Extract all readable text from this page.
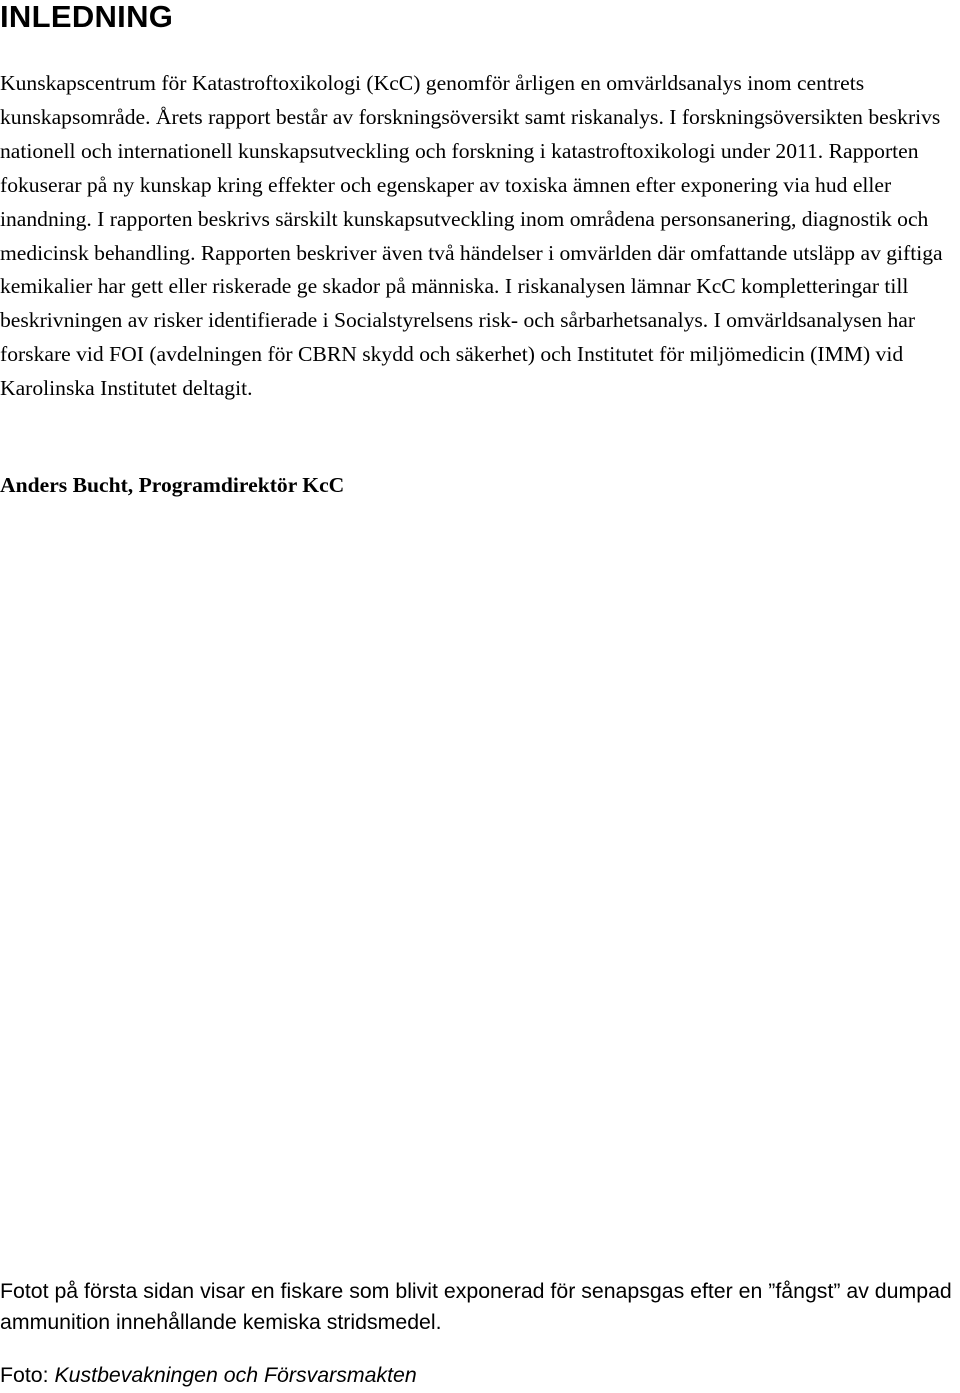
INLEDNING

Kunskapscentrum för Katastroftoxikologi (KcC) genomför årligen en omvärldsanalys inom centrets kunskapsområde. Årets rapport består av forskningsöversikt samt riskanalys. I forskningsöversikten beskrivs nationell och internationell kunskapsutveckling och forskning i katastroftoxikologi under 2011. Rapporten fokuserar på ny kunskap kring effekter och egenskaper av toxiska ämnen efter exponering via hud eller inandning. I rapporten beskrivs särskilt kunskapsutveckling inom områdena personsanering, diagnostik och medicinsk behandling. Rapporten beskriver även två händelser i omvärlden där omfattande utsläpp av giftiga kemikalier har gett eller riskerade ge skador på människa. I riskanalysen lämnar KcC kompletteringar till beskrivningen av risker identifierade i Socialstyrelsens risk- och sårbarhetsanalys. I omvärldsanalysen har forskare vid FOI (avdelningen för CBRN skydd och säkerhet) och Institutet för miljömedicin (IMM) vid Karolinska Institutet deltagit.

Anders Bucht, Programdirektör KcC

Fotot på första sidan visar en fiskare som blivit exponerad för senapsgas efter en ”fångst” av dumpad ammunition innehållande kemiska stridsmedel.

Foto: Kustbevakningen och Försvarsmakten
